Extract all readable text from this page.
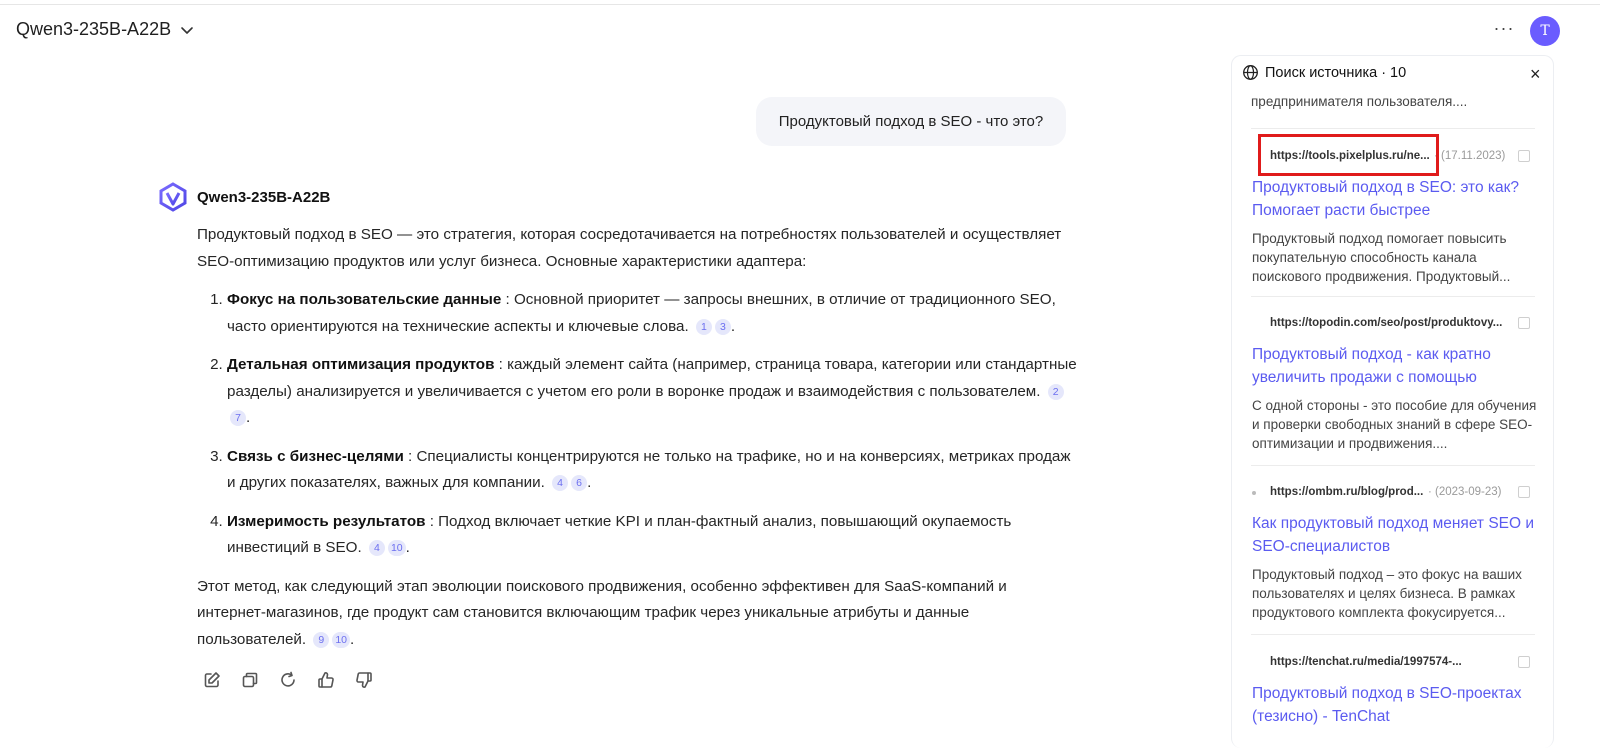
Qwen3-235B-A22B	···	T
Продуктовый подход в SEO - что это?
Qwen3-235B-A22B

Продуктовый подход в SEO — это стратегия, которая сосредотачивается на потребностях пользователей и осуществляет SEO-оптимизацию продуктов или услуг бизнеса. Основные характеристики адаптера:

1. Фокус на пользовательские данные : Основной приоритет — запросы внешних, в отличие от традиционного SEO, часто ориентируются на технические аспекты и ключевые слова. 1 3 .
2. Детальная оптимизация продуктов : каждый элемент сайта (например, страница товара, категории или стандартные разделы) анализируется и увеличивается с учетом его роли в воронке продаж и взаимодействия с пользователем. 27 .
3. Связь с бизнес-целями : Специалисты концентрируются не только на трафике, но и на конверсиях, метриках продаж и других показателях, важных для компании. 4 6 .
4. Измеримость результатов : Подход включает четкие KPI и план-фактный анализ, повышающий окупаемость инвестиций в SEO. 4 10 .

Этот метод, как следующий этап эволюции поискового продвижения, особенно эффективен для SaaS-компаний и интернет-магазинов, где продукт сам становится включающим трафик через уникальные атрибуты и данные пользователей. 9 10 .

Поиск источника · 10	×
предпринимателя пользователя....
https://tools.pixelplus.ru/ne... · (17.11.2023)
Продуктовый подход в SEO: это как? Помогает расти быстрее
Продуктовый подход помогает повысить покупательную способность канала поискового продвижения. Продуктовый...
https://topodin.com/seo/post/produktovy...
Продуктовый подход - как кратно увеличить продажи с помощью
С одной стороны - это пособие для обучения и проверки свободных знаний в сфере SEO-оптимизации и продвижения....
https://ombm.ru/blog/prod... · (2023-09-23)
Как продуктовый подход меняет SEO и SEO-специалистов
Продуктовый подход – это фокус на ваших пользователях и целях бизнеса. В рамках продуктового комплекта фокусируется...
https://tenchat.ru/media/1997574-...
Продуктовый подход в SEO-проектах (тезисно) - TenChat
